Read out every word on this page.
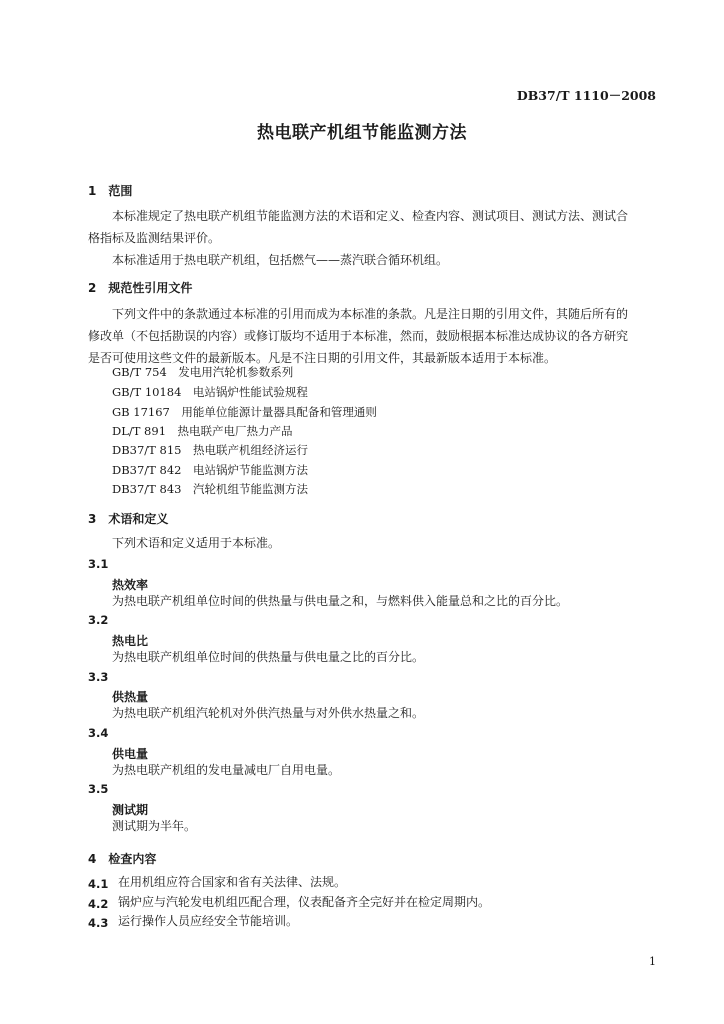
DB37/T 1110－2008
热电联产机组节能监测方法
1　范围
本标准规定了热电联产机组节能监测方法的术语和定义、检查内容、测试项目、测试方法、测试合
格指标及监测结果评价。
本标准适用于热电联产机组，包括燃气——蒸汽联合循环机组。
2　规范性引用文件
下列文件中的条款通过本标准的引用而成为本标准的条款。凡是注日期的引用文件，其随后所有的
修改单（不包括勘误的内容）或修订版均不适用于本标准，然而，鼓励根据本标准达成协议的各方研究
是否可使用这些文件的最新版本。凡是不注日期的引用文件，其最新版本适用于本标准。
GB/T 754　发电用汽轮机参数系列
GB/T 10184　电站锅炉性能试验规程
GB 17167　用能单位能源计量器具配备和管理通则
DL/T 891　热电联产电厂热力产品
DB37/T 815　热电联产机组经济运行
DB37/T 842　电站锅炉节能监测方法
DB37/T 843　汽轮机组节能监测方法
3　术语和定义
下列术语和定义适用于本标准。
3.1
热效率
为热电联产机组单位时间的供热量与供电量之和，与燃料供入能量总和之比的百分比。
3.2
热电比
为热电联产机组单位时间的供热量与供电量之比的百分比。
3.3
供热量
为热电联产机组汽轮机对外供汽热量与对外供水热量之和。
3.4
供电量
为热电联产机组的发电量减电厂自用电量。
3.5
测试期
测试期为半年。
4　检查内容
4.1 在用机组应符合国家和省有关法律、法规。
4.2 锅炉应与汽轮发电机组匹配合理，仪表配备齐全完好并在检定周期内。
4.3 运行操作人员应经安全节能培训。
1
